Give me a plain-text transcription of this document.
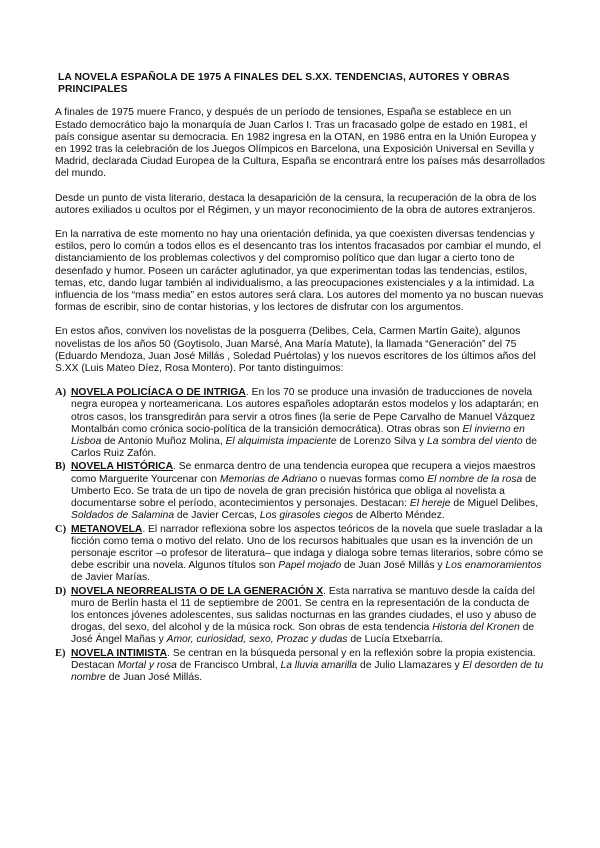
LA NOVELA ESPAÑOLA DE 1975 A FINALES DEL S.XX. TENDENCIAS, AUTORES Y OBRAS PRINCIPALES

A finales de 1975 muere Franco, y después de un período de tensiones, España se establece en un Estado democrático bajo la monarquía de Juan Carlos I. Tras un fracasado golpe de estado en 1981, el país consigue asentar su democracia. En 1982 ingresa en la OTAN, en 1986 entra en la Unión Europea y en 1992 tras la celebración de los Juegos Olímpicos en Barcelona, una Exposición Universal en Sevilla y Madrid, declarada Ciudad Europea de la Cultura, España se encontrará entre los países más desarrollados del mundo.

Desde un punto de vista literario, destaca la desaparición de la censura, la recuperación de la obra de los autores exiliados u ocultos por el Régimen, y un mayor reconocimiento de la obra de autores extranjeros.

En la narrativa de este momento no hay una orientación definida, ya que coexisten diversas tendencias y estilos, pero lo común a todos ellos es el desencanto tras los intentos fracasados por cambiar el mundo, el distanciamiento de los problemas colectivos y del compromiso político que dan lugar a cierto tono de desenfado y humor. Poseen un carácter aglutinador, ya que experimentan todas las tendencias, estilos, temas, etc, dando lugar también al individualismo, a las preocupaciones existenciales y a la intimidad. La influencia de los “mass media” en estos autores será clara. Los autores del momento ya no buscan nuevas formas de escribir, sino de contar historias, y los lectores de disfrutar con los argumentos.

En estos años, conviven los novelistas de la posguerra (Delibes, Cela, Carmen Martín Gaite), algunos novelistas de los años 50 (Goytisolo, Juan Marsé, Ana María Matute), la llamada “Generación” del 75 (Eduardo Mendoza, Juan José Millás , Soledad Puértolas) y los nuevos escritores de los últimos años del S.XX (Luis Mateo Díez, Rosa Montero). Por tanto distinguimos:

A) NOVELA POLICÍACA O DE INTRIGA. En los 70 se produce una invasión de traducciones de novela negra europea y norteamericana. Los autores españoles adoptarán estos modelos y los adaptarán; en otros casos, los transgredirán para servir a otros fines (la serie de Pepe Carvalho de Manuel Vázquez Montalbán como crónica socio-política de la transición democrática). Otras obras son El invierno en Lisboa de Antonio Muñoz Molina, El alquimista impaciente de Lorenzo Silva y La sombra del viento de Carlos Ruiz Zafón.
B) NOVELA HISTÓRICA. Se enmarca dentro de una tendencia europea que recupera a viejos maestros como Marguerite Yourcenar con Memorias de Adriano o nuevas formas como El nombre de la rosa de Umberto Eco. Se trata de un tipo de novela de gran precisión histórica que obliga al novelista a documentarse sobre el período, acontecimientos y personajes. Destacan: El hereje de Miguel Delibes, Soldados de Salamina de Javier Cercas, Los girasoles ciegos de Alberto Méndez.
C) METANOVELA. El narrador reflexiona sobre los aspectos teóricos de la novela que suele trasladar a la ficción como tema o motivo del relato. Uno de los recursos habituales que usan es la invención de un personaje escritor –o profesor de literatura– que indaga y dialoga sobre temas literarios, sobre cómo se debe escribir una novela. Algunos títulos son Papel mojado de Juan José Millás y Los enamoramientos de Javier Marías.
D) NOVELA NEORREALISTA O DE LA GENERACIÓN X. Esta narrativa se mantuvo desde la caída del muro de Berlín hasta el 11 de septiembre de 2001. Se centra en la representación de la conducta de los entonces jóvenes adolescentes, sus salidas nocturnas en las grandes ciudades, el uso y abuso de drogas, del sexo, del alcohol y de la música rock. Son obras de esta tendencia Historia del Kronen de José Ángel Mañas y Amor, curiosidad, sexo, Prozac y dudas de Lucía Etxebarría.
E) NOVELA INTIMISTA. Se centran en la búsqueda personal y en la reflexión sobre la propia existencia. Destacan Mortal y rosa de Francisco Umbral, La lluvia amarilla de Julio Llamazares y El desorden de tu nombre de Juan José Millás.
